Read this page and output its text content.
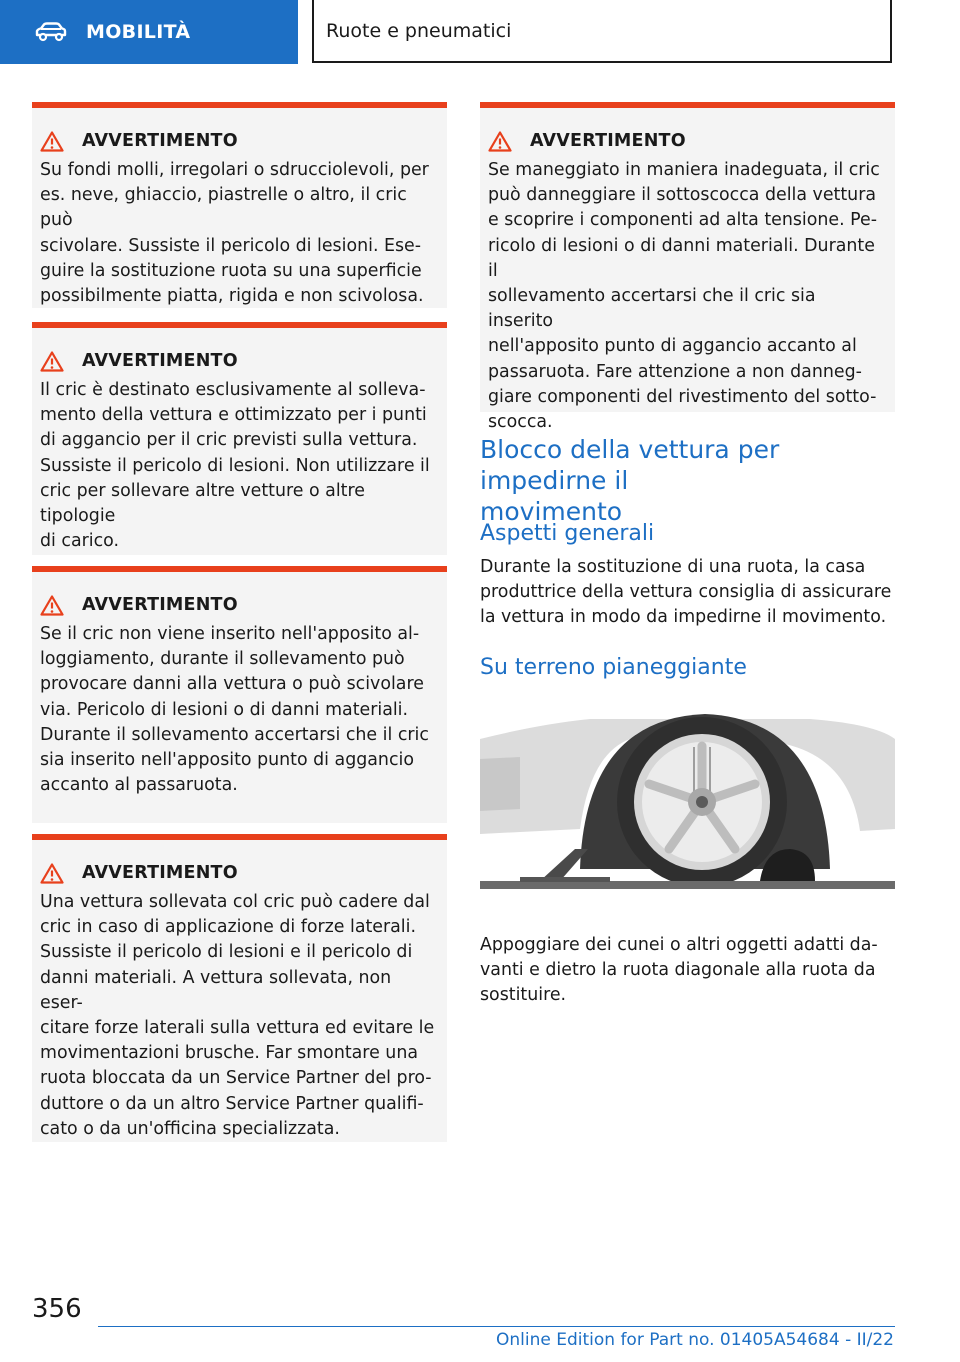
MOBILITÀ	Ruote e pneumatici
AVVERTIMENTO
Su fondi molli, irregolari o sdrucciolevoli, per
es. neve, ghiaccio, piastrelle o altro, il cric può
scivolare. Sussiste il pericolo di lesioni. Ese-
guire la sostituzione ruota su una superficie
possibilmente piatta, rigida e non scivolosa.
AVVERTIMENTO
Il cric è destinato esclusivamente al solleva-
mento della vettura e ottimizzato per i punti
di aggancio per il cric previsti sulla vettura.
Sussiste il pericolo di lesioni. Non utilizzare il
cric per sollevare altre vetture o altre tipologie
di carico.
AVVERTIMENTO
Se il cric non viene inserito nell'apposito al-
loggiamento, durante il sollevamento può
provocare danni alla vettura o può scivolare
via. Pericolo di lesioni o di danni materiali.
Durante il sollevamento accertarsi che il cric
sia inserito nell'apposito punto di aggancio
accanto al passaruota.
AVVERTIMENTO
Una vettura sollevata col cric può cadere dal
cric in caso di applicazione di forze laterali.
Sussiste il pericolo di lesioni e il pericolo di
danni materiali. A vettura sollevata, non eser-
citare forze laterali sulla vettura ed evitare le
movimentazioni brusche. Far smontare una
ruota bloccata da un Service Partner del pro-
duttore o da un altro Service Partner qualifi-
cato o da un'officina specializzata.
AVVERTIMENTO
Se maneggiato in maniera inadeguata, il cric
può danneggiare il sottoscocca della vettura
e scoprire i componenti ad alta tensione. Pe-
ricolo di lesioni o di danni materiali. Durante il
sollevamento accertarsi che il cric sia inserito
nell'apposito punto di aggancio accanto al
passaruota. Fare attenzione a non danneg-
giare componenti del rivestimento del sotto-
scocca.
Blocco della vettura per impedirne il
movimento
Aspetti generali
Durante la sostituzione di una ruota, la casa
produttrice della vettura consiglia di assicurare
la vettura in modo da impedirne il movimento.
Su terreno pianeggiante
Appoggiare dei cunei o altri oggetti adatti da-
vanti e dietro la ruota diagonale alla ruota da
sostituire.
356
Online Edition for Part no. 01405A54684 - II/22
